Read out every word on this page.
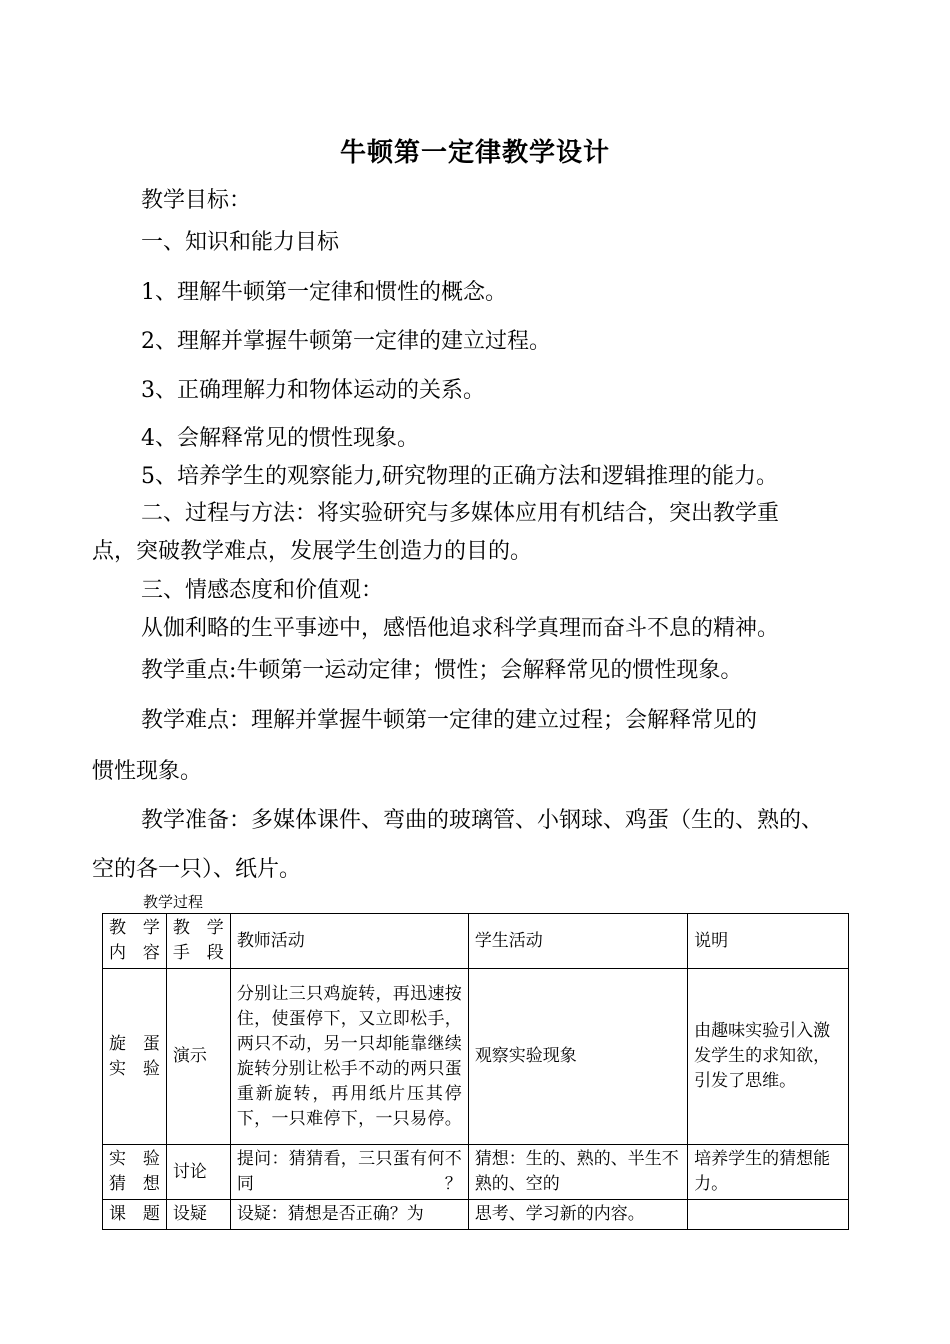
牛顿第一定律教学设计
教学目标：
一、知识和能力目标
1、理解牛顿第一定律和惯性的概念。
2、理解并掌握牛顿第一定律的建立过程。
3、正确理解力和物体运动的关系。
4、会解释常见的惯性现象。
5、培养学生的观察能力,研究物理的正确方法和逻辑推理的能力。
二、过程与方法：将实验研究与多媒体应用有机结合，突出教学重
点，突破教学难点，发展学生创造力的目的。
三、情感态度和价值观：
从伽利略的生平事迹中，感悟他追求科学真理而奋斗不息的精神。
教学重点:牛顿第一运动定律；惯性；会解释常见的惯性现象。
教学难点：理解并掌握牛顿第一定律的建立过程；会解释常见的
惯性现象。
教学准备：多媒体课件、弯曲的玻璃管、小钢球、鸡蛋（生的、熟的、
空的各一只）、纸片。
教学过程
教学内容	教学手段	教师活动	学生活动	说明
旋蛋实验	演示	分别让三只鸡旋转，再迅速按住，使蛋停下，又立即松手，两只不动，另一只却能靠继续旋转分别让松手不动的两只蛋重新旋转，再用纸片压其停下，一只难停下，一只易停。	观察实验现象	由趣味实验引入激发学生的求知欲，引发了思维。
实验猜想	讨论	提问：猜猜看，三只蛋有何不同？	猜想：生的、熟的、半生不熟的、空的	培养学生的猜想能力。
课题	设疑	设疑：猜想是否正确？为	思考、学习新的内容。	
